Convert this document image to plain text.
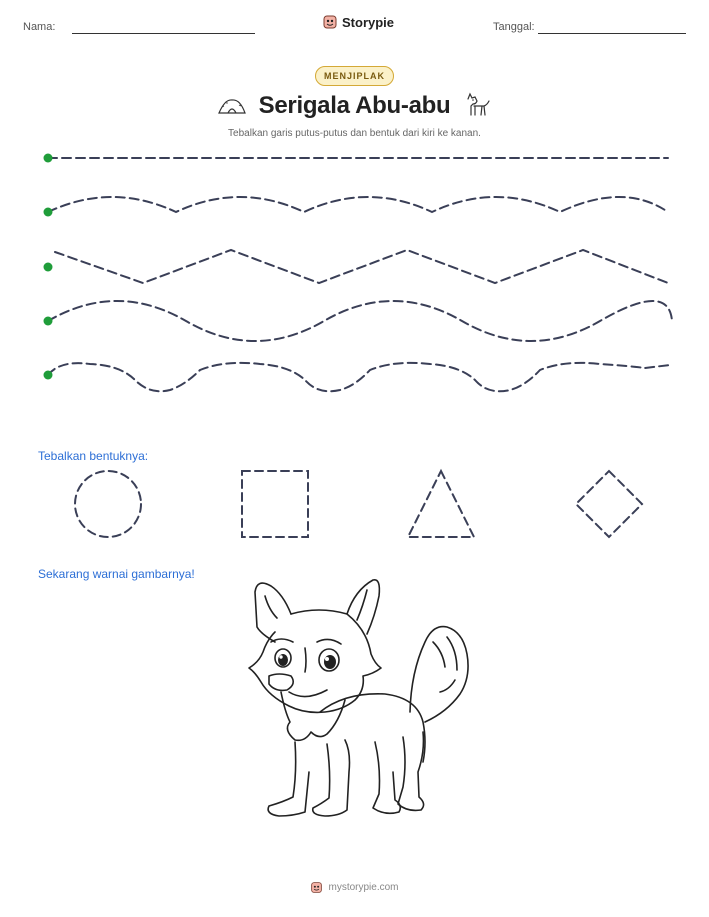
Nama:	Storypie	Tanggal:
MENJIPLAK
Serigala Abu-abu
Tebalkan garis putus-putus dan bentuk dari kiri ke kanan.
Tebalkan bentuknya:
Sekarang warnai gambarnya!
mystorypie.com
